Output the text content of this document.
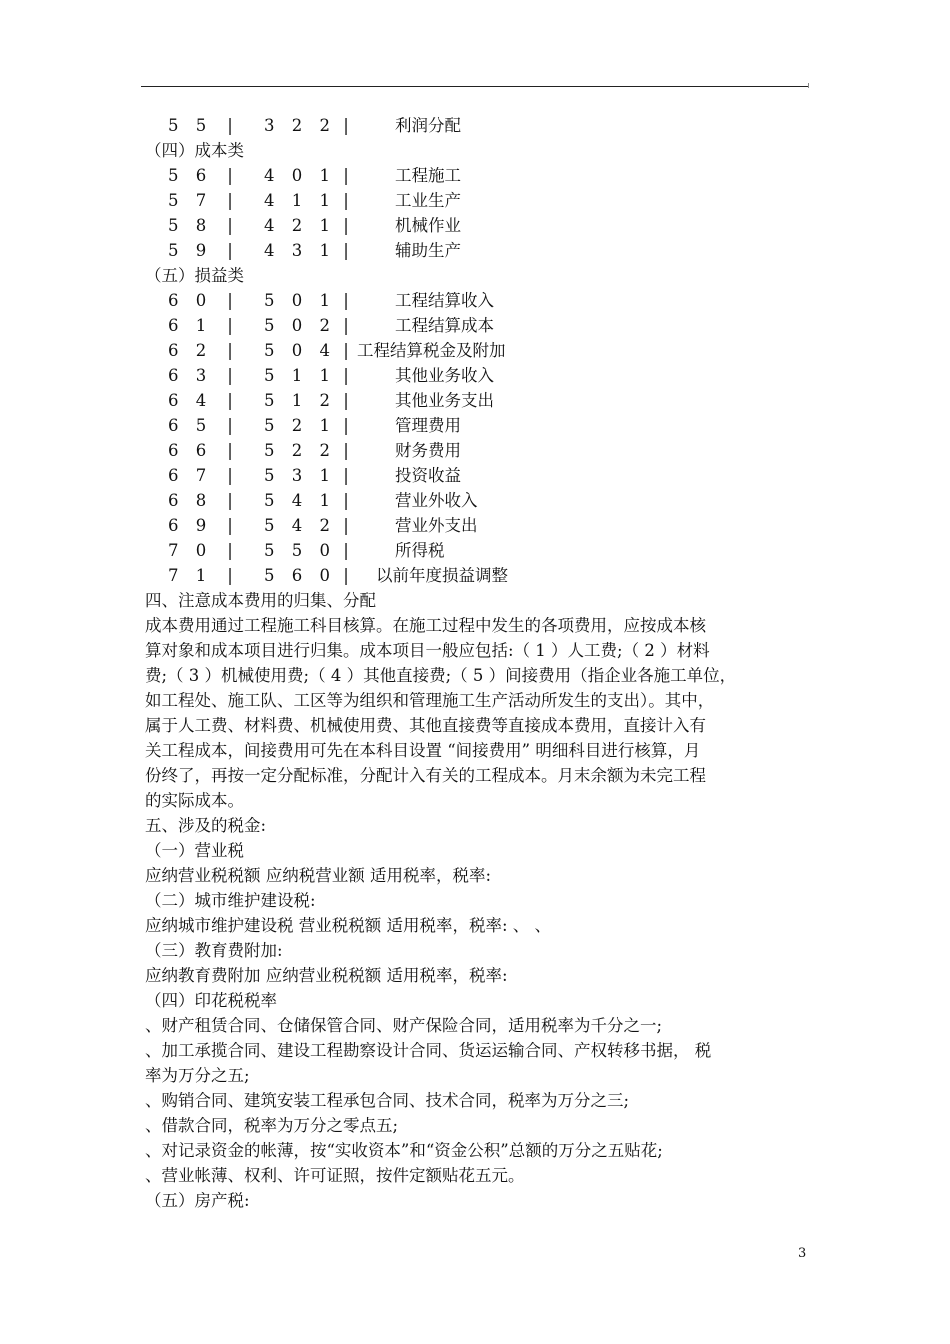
5 5 | 3 2 2 |	利润分配
（四）成本类
5 6 | 4 0 1 |	工程施工
5 7 | 4 1 1 |	工业生产
5 8 | 4 2 1 |	机械作业
5 9 | 4 3 1 |	辅助生产
（五）损益类
6 0 | 5 0 1 |	工程结算收入
6 1 | 5 0 2 |	工程结算成本
6 2 | 5 0 4 | 工程结算税金及附加
6 3 | 5 1 1 |	其他业务收入
6 4 | 5 1 2 |	其他业务支出
6 5 | 5 2 1 |	管理费用
6 6 | 5 2 2 |	财务费用
6 7 | 5 3 1 |	投资收益
6 8 | 5 4 1 |	营业外收入
6 9 | 5 4 2 |	营业外支出
7 0 | 5 5 0 |	所得税
7 1 | 5 6 0 | 以前年度损益调整
四、注意成本费用的归集、分配
成本费用通过工程施工科目核算。在施工过程中发生的各项费用，应按成本核
算对象和成本项目进行归集。成本项目一般应包括:（ 1 ）人工费;（ 2 ）材料
费;（ 3 ）机械使用费;（ 4 ）其他直接费;（ 5 ）间接费用（指企业各施工单位，
如工程处、施工队、工区等为组织和管理施工生产活动所发生的支出）。其中，
属于人工费、材料费、机械使用费、其他直接费等直接成本费用，直接计入有
关工程成本，间接费用可先在本科目设置 “间接费用” 明细科目进行核算，月
份终了，再按一定分配标准，分配计入有关的工程成本。月末余额为未完工程
的实际成本。
五、涉及的税金:
（一）营业税
应纳营业税税额 应纳税营业额 适用税率，税率:
（二）城市维护建设税:
应纳城市维护建设税 营业税税额 适用税率，税率: 、 、
（三）教育费附加:
应纳教育费附加 应纳营业税税额 适用税率，税率:
（四）印花税税率
、财产租赁合同、仓储保管合同、财产保险合同，适用税率为千分之一;
、加工承揽合同、建设工程勘察设计合同、货运运输合同、产权转移书据， 税
率为万分之五;
、购销合同、建筑安装工程承包合同、技术合同，税率为万分之三;
、借款合同，税率为万分之零点五;
、对记录资金的帐薄，按“实收资本”和“资金公积”总额的万分之五贴花;
、营业帐薄、权利、许可证照，按件定额贴花五元。
（五）房产税:
3
